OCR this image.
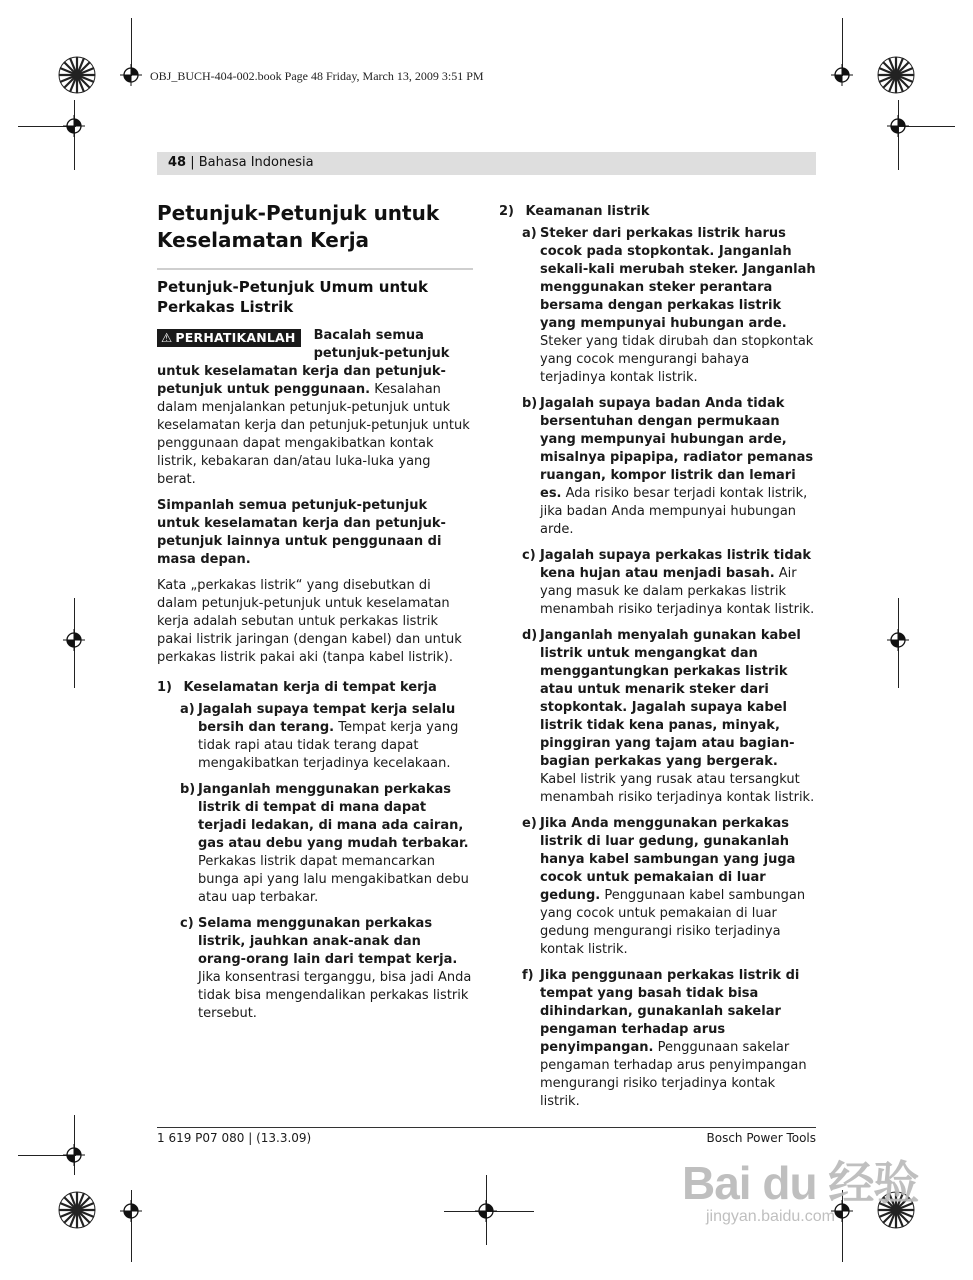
OBJ_BUCH-404-002.book Page 48 Friday, March 13, 2009 3:51 PM
48 | Bahasa Indonesia
Petunjuk-Petunjuk untuk Keselamatan Kerja
Petunjuk-Petunjuk Umum untuk Perkakas Listrik
⚠ PERHATIKANLAH	Bacalah semua petunjuk-petunjuk untuk keselamatan kerja dan petunjuk-petunjuk untuk penggunaan. Kesalahan dalam menjalankan petunjuk-petunjuk untuk keselamatan kerja dan petunjuk-petunjuk untuk penggunaan dapat mengakibatkan kontak listrik, kebakaran dan/atau luka-luka yang berat.
Simpanlah semua petunjuk-petunjuk untuk keselamatan kerja dan petunjuk-petunjuk lainnya untuk penggunaan di masa depan.
Kata „perkakas listrik“ yang disebutkan di dalam petunjuk-petunjuk untuk keselamatan kerja adalah sebutan untuk perkakas listrik pakai listrik jaringan (dengan kabel) dan untuk perkakas listrik pakai aki (tanpa kabel listrik).
1) Keselamatan kerja di tempat kerja
a) Jagalah supaya tempat kerja selalu bersih dan terang. Tempat kerja yang tidak rapi atau tidak terang dapat mengakibatkan terjadinya kecelakaan.
b) Janganlah menggunakan perkakas listrik di tempat di mana dapat terjadi ledakan, di mana ada cairan, gas atau debu yang mudah terbakar. Perkakas listrik dapat memancarkan bunga api yang lalu mengakibatkan debu atau uap terbakar.
c) Selama menggunakan perkakas listrik, jauhkan anak-anak dan orang-orang lain dari tempat kerja. Jika konsentrasi terganggu, bisa jadi Anda tidak bisa mengendalikan perkakas listrik tersebut.
2) Keamanan listrik
a) Steker dari perkakas listrik harus cocok pada stopkontak. Janganlah sekali-kali merubah steker. Janganlah menggunakan steker perantara bersama dengan perkakas listrik yang mempunyai hubungan arde. Steker yang tidak dirubah dan stopkontak yang cocok mengurangi bahaya terjadinya kontak listrik.
b) Jagalah supaya badan Anda tidak bersentuhan dengan permukaan yang mempunyai hubungan arde, misalnya pipapipa, radiator pemanas ruangan, kompor listrik dan lemari es. Ada risiko besar terjadi kontak listrik, jika badan Anda mempunyai hubungan arde.
c) Jagalah supaya perkakas listrik tidak kena hujan atau menjadi basah. Air yang masuk ke dalam perkakas listrik menambah risiko terjadinya kontak listrik.
d) Janganlah menyalah gunakan kabel listrik untuk mengangkat dan menggantungkan perkakas listrik atau untuk menarik steker dari stopkontak. Jagalah supaya kabel listrik tidak kena panas, minyak, pinggiran yang tajam atau bagian-bagian perkakas yang bergerak. Kabel listrik yang rusak atau tersangkut menambah risiko terjadinya kontak listrik.
e) Jika Anda menggunakan perkakas listrik di luar gedung, gunakanlah hanya kabel sambungan yang juga cocok untuk pemakaian di luar gedung. Penggunaan kabel sambungan yang cocok untuk pemakaian di luar gedung mengurangi risiko terjadinya kontak listrik.
f) Jika penggunaan perkakas listrik di tempat yang basah tidak bisa dihindarkan, gunakanlah sakelar pengaman terhadap arus penyimpangan. Penggunaan sakelar pengaman terhadap arus penyimpangan mengurangi risiko terjadinya kontak listrik.
1 619 P07 080 | (13.3.09)	Bosch Power Tools
Bai du 经验
jingyan.baidu.com
